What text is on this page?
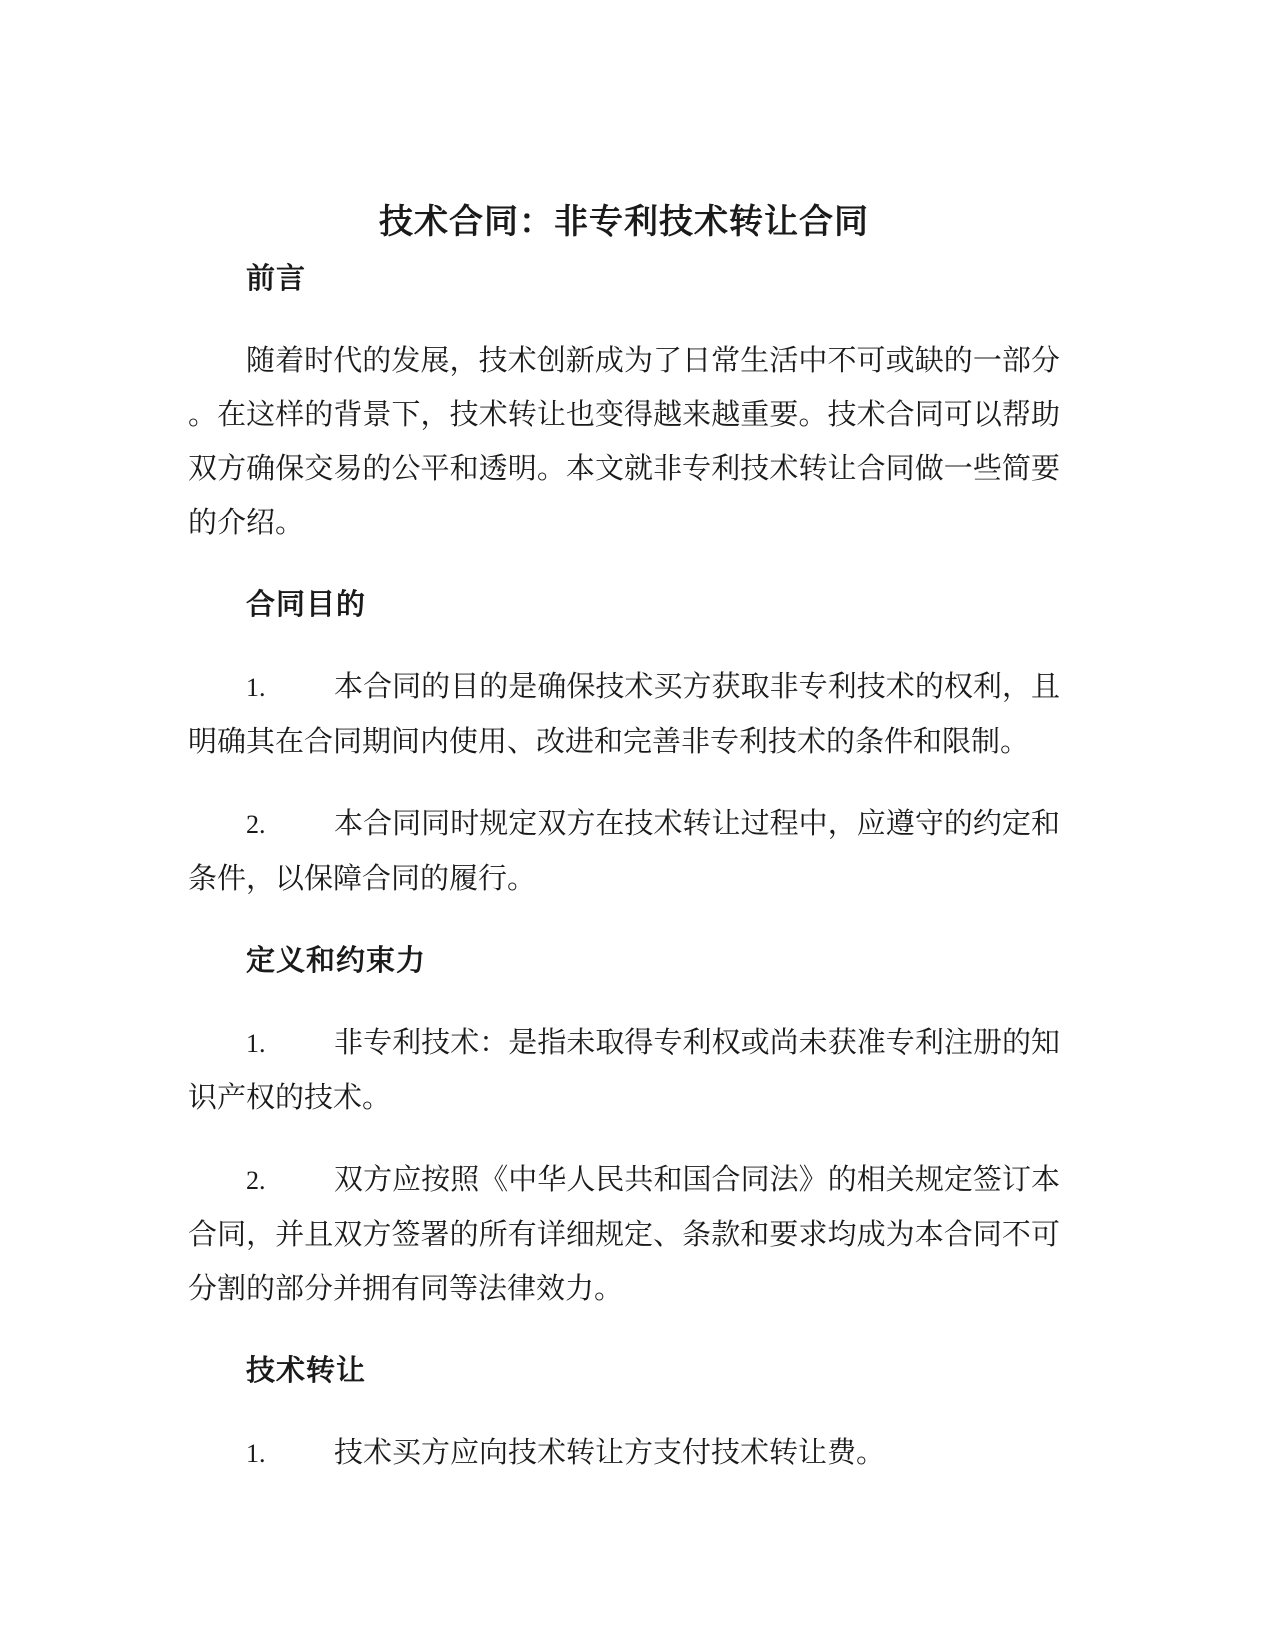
技术合同：非专利技术转让合同
前言

随着时代的发展，技术创新成为了日常生活中不可或缺的一部分。在这样的背景下，技术转让也变得越来越重要。技术合同可以帮助双方确保交易的公平和透明。本文就非专利技术转让合同做一些简要的介绍。

合同目的

1. 本合同的目的是确保技术买方获取非专利技术的权利，且明确其在合同期间内使用、改进和完善非专利技术的条件和限制。

2. 本合同同时规定双方在技术转让过程中，应遵守的约定和条件，以保障合同的履行。

定义和约束力

1. 非专利技术：是指未取得专利权或尚未获准专利注册的知识产权的技术。

2. 双方应按照《中华人民共和国合同法》的相关规定签订本合同，并且双方签署的所有详细规定、条款和要求均成为本合同不可分割的部分并拥有同等法律效力。

技术转让

1. 技术买方应向技术转让方支付技术转让费。
